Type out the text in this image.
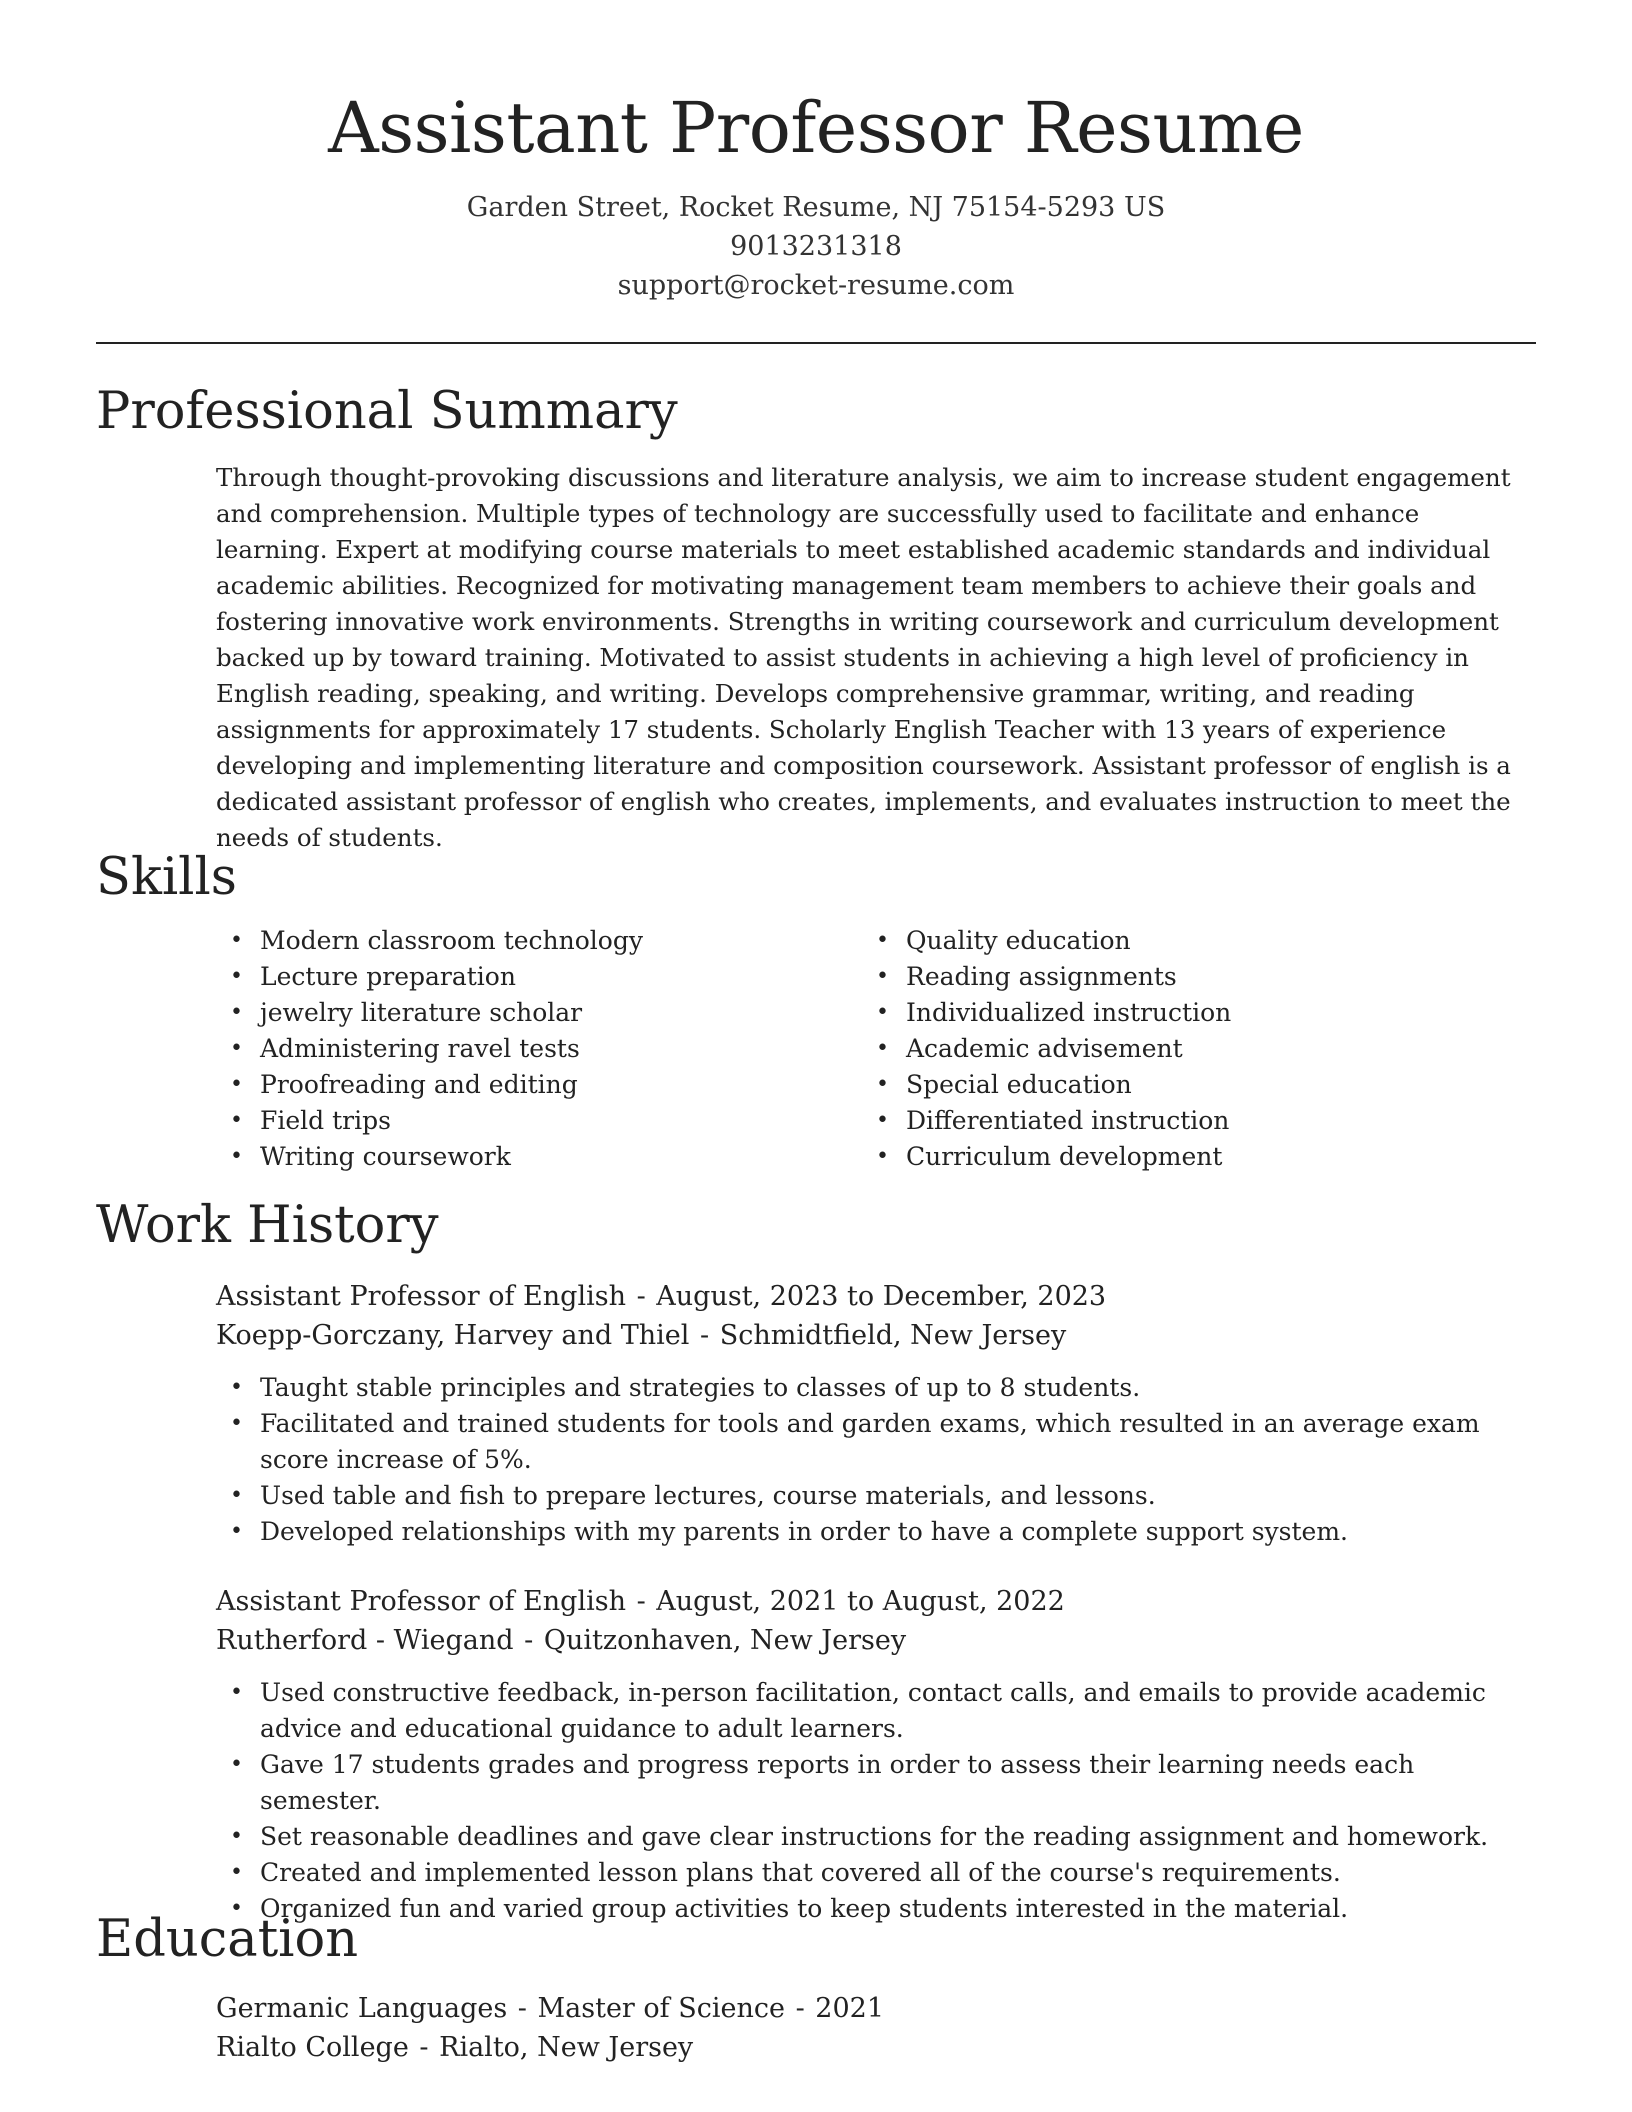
Assistant Professor Resume
Garden Street, Rocket Resume, NJ 75154-5293 US
9013231318
support@rocket-resume.com
Professional Summary

Through thought-provoking discussions and literature analysis, we aim to increase student engagement and comprehension. Multiple types of technology are successfully used to facilitate and enhance learning. Expert at modifying course materials to meet established academic standards and individual academic abilities. Recognized for motivating management team members to achieve their goals and fostering innovative work environments. Strengths in writing coursework and curriculum development backed up by toward training. Motivated to assist students in achieving a high level of proficiency in English reading, speaking, and writing. Develops comprehensive grammar, writing, and reading assignments for approximately 17 students. Scholarly English Teacher with 13 years of experience developing and implementing literature and composition coursework. Assistant professor of english is a dedicated assistant professor of english who creates, implements, and evaluates instruction to meet the needs of students.

Skills
• Modern classroom technology
• Lecture preparation
• jewelry literature scholar
• Administering ravel tests
• Proofreading and editing
• Field trips
• Writing coursework
• Quality education
• Reading assignments
• Individualized instruction
• Academic advisement
• Special education
• Differentiated instruction
• Curriculum development
Work History
Assistant Professor of English - August, 2023 to December, 2023
Koepp-Gorczany, Harvey and Thiel - Schmidtfield, New Jersey
• Taught stable principles and strategies to classes of up to 8 students.
• Facilitated and trained students for tools and garden exams, which resulted in an average exam score increase of 5%.
• Used table and fish to prepare lectures, course materials, and lessons.
• Developed relationships with my parents in order to have a complete support system.
Assistant Professor of English - August, 2021 to August, 2022
Rutherford - Wiegand - Quitzonhaven, New Jersey
• Used constructive feedback, in-person facilitation, contact calls, and emails to provide academic advice and educational guidance to adult learners.
• Gave 17 students grades and progress reports in order to assess their learning needs each semester.
• Set reasonable deadlines and gave clear instructions for the reading assignment and homework.
• Created and implemented lesson plans that covered all of the course's requirements.
• Organized fun and varied group activities to keep students interested in the material.
Education
Germanic Languages - Master of Science - 2021
Rialto College - Rialto, New Jersey
